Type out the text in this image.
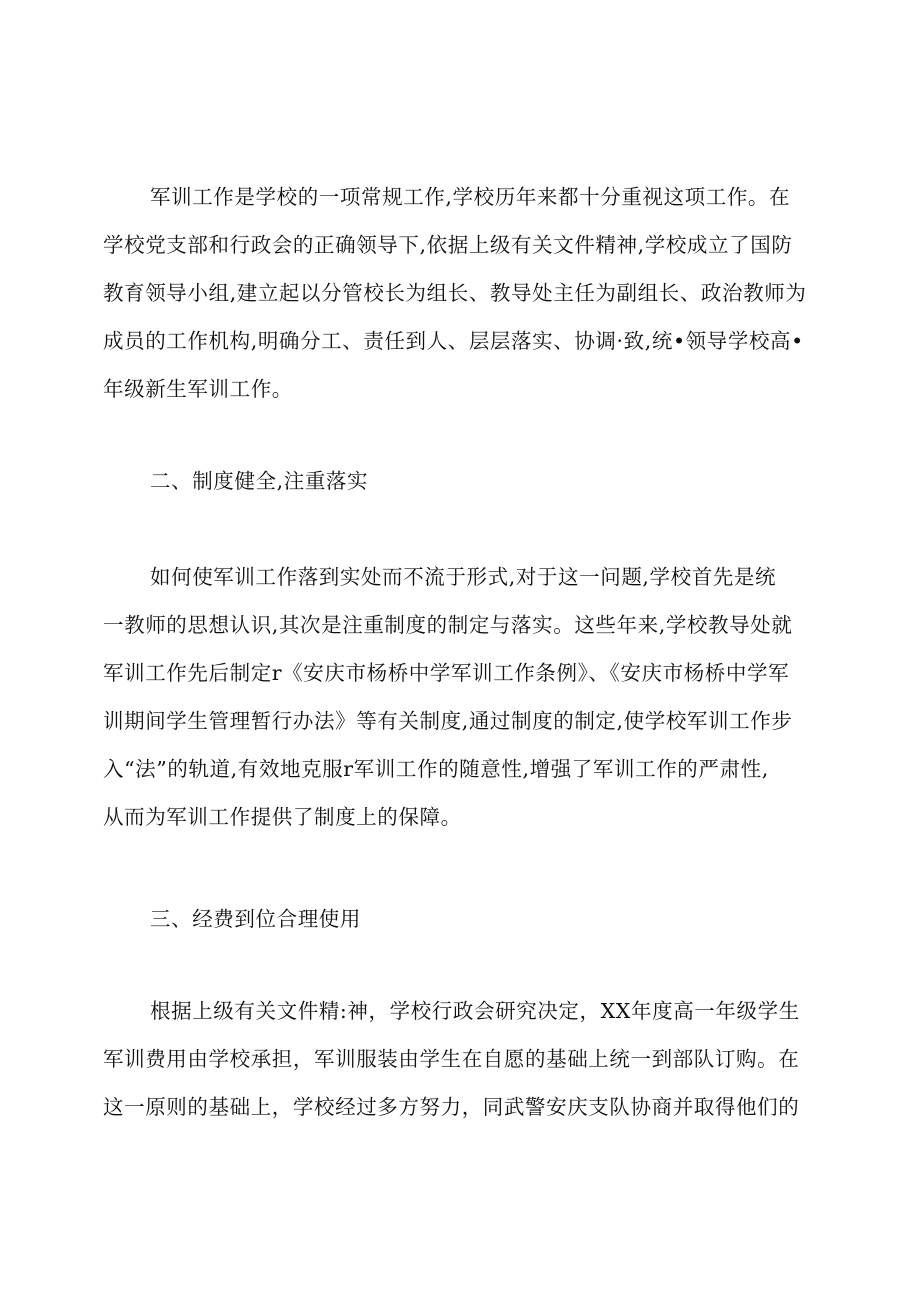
军训工作是学校的一项常规工作,学校历年来都十分重视这项工作。在
学校党支部和行政会的正确领导下,依据上级有关文件精神,学校成立了国防
教育领导小组,建立起以分管校长为组长、教导处主任为副组长、政治教师为
成员的工作机构,明确分工、责任到人、层层落实、协调·致,统•领导学校高•
年级新生军训工作。
二、制度健全,注重落实
如何使军训工作落到实处而不流于形式,对于这一问题,学校首先是统
一教师的思想认识,其次是注重制度的制定与落实。这些年来,学校教导处就
军训工作先后制定r《安庆市杨桥中学军训工作条例》、《安庆市杨桥中学军
训期间学生管理暂行办法》等有关制度,通过制度的制定,使学校军训工作步
入“法”的轨道,有效地克服r军训工作的随意性,增强了军训工作的严肃性,
从而为军训工作提供了制度上的保障。
三、经费到位合理使用
根据上级有关文件精:神，学校行政会研究决定，XX年度高一年级学生
军训费用由学校承担，军训服装由学生在自愿的基础上统一到部队订购。在
这一原则的基础上，学校经过多方努力，同武警安庆支队协商并取得他们的
